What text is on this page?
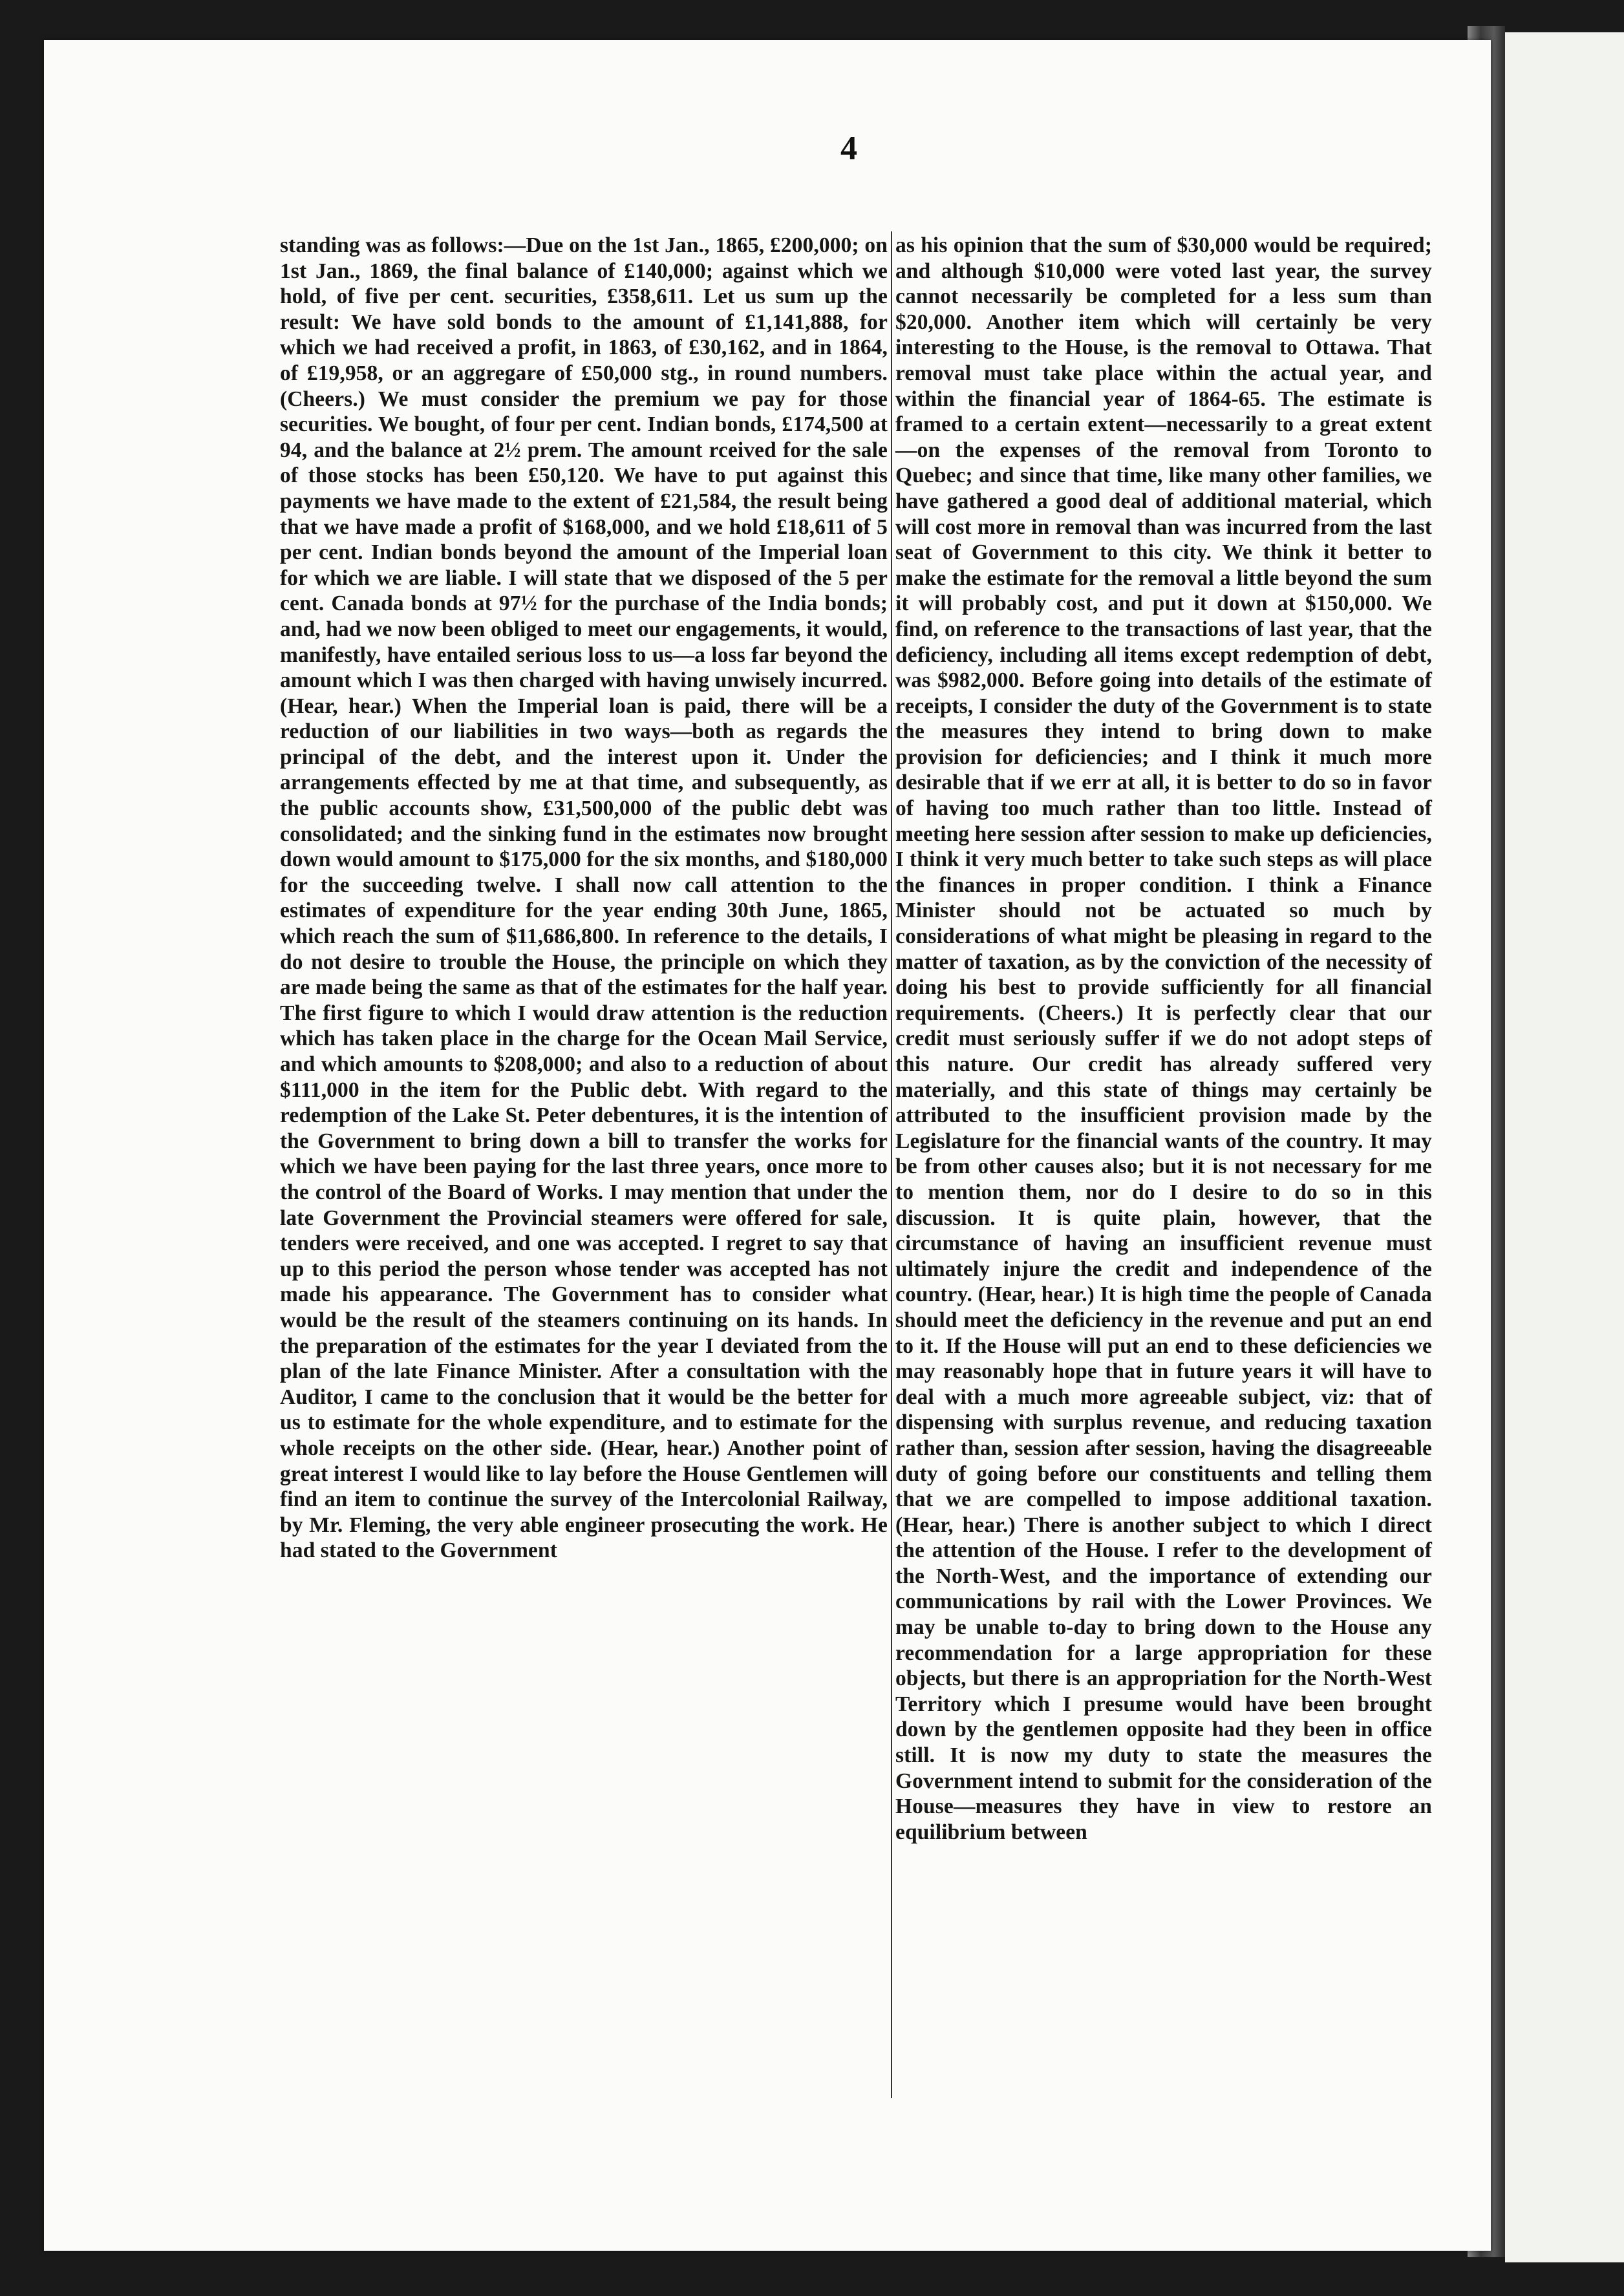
4
standing was as follows:—Due on the 1st Jan., 1865, £200,000; on 1st Jan., 1869, the final balance of £140,000; against which we hold, of five per cent. securities, £358,611. Let us sum up the result: We have sold bonds to the amount of £1,141,888, for which we had received a profit, in 1863, of £30,162, and in 1864, of £19,958, or an aggregare of £50,000 stg., in round numbers. (Cheers.) We must consider the premium we pay for those securities. We bought, of four per cent. Indian bonds, £174,500 at 94, and the balance at 2½ prem. The amount rceived for the sale of those stocks has been £50,120. We have to put against this payments we have made to the extent of £21,584, the result being that we have made a profit of $168,000, and we hold £18,611 of 5 per cent. Indian bonds beyond the amount of the Imperial loan for which we are liable. I will state that we disposed of the 5 per cent. Canada bonds at 97½ for the purchase of the India bonds; and, had we now been obliged to meet our engagements, it would, manifestly, have entailed serious loss to us—a loss far beyond the amount which I was then charged with having unwisely incurred. (Hear, hear.) When the Imperial loan is paid, there will be a reduction of our liabilities in two ways—both as regards the principal of the debt, and the interest upon it. Under the arrangements effected by me at that time, and subsequently, as the public accounts show, £31,500,000 of the public debt was consolidated; and the sinking fund in the estimates now brought down would amount to $175,000 for the six months, and $180,000 for the succeeding twelve. I shall now call attention to the estimates of expenditure for the year ending 30th June, 1865, which reach the sum of $11,686,800. In reference to the details, I do not desire to trouble the House, the principle on which they are made being the same as that of the estimates for the half year. The first figure to which I would draw attention is the reduction which has taken place in the charge for the Ocean Mail Service, and which amounts to $208,000; and also to a reduction of about $111,000 in the item for the Public debt. With regard to the redemption of the Lake St. Peter debentures, it is the intention of the Government to bring down a bill to transfer the works for which we have been paying for the last three years, once more to the control of the Board of Works. I may mention that under the late Government the Provincial steamers were offered for sale, tenders were received, and one was accepted. I regret to say that up to this period the person whose tender was accepted has not made his appearance. The Government has to consider what would be the result of the steamers continuing on its hands. In the preparation of the estimates for the year I deviated from the plan of the late Finance Minister. After a consultation with the Auditor, I came to the conclusion that it would be the better for us to estimate for the whole expenditure, and to estimate for the whole receipts on the other side. (Hear, hear.) Another point of great interest I would like to lay before the House Gentlemen will find an item to continue the survey of the Intercolonial Railway, by Mr. Fleming, the very able engineer prosecuting the work. He had stated to the Government
as his opinion that the sum of $30,000 would be required; and although $10,000 were voted last year, the survey cannot necessarily be completed for a less sum than $20,000. Another item which will certainly be very interesting to the House, is the removal to Ottawa. That removal must take place within the actual year, and within the financial year of 1864-65. The estimate is framed to a certain extent—necessarily to a great extent—on the expenses of the removal from Toronto to Quebec; and since that time, like many other families, we have gathered a good deal of additional material, which will cost more in removal than was incurred from the last seat of Government to this city. We think it better to make the estimate for the removal a little beyond the sum it will probably cost, and put it down at $150,000. We find, on reference to the transactions of last year, that the deficiency, including all items except redemption of debt, was $982,000. Before going into details of the estimate of receipts, I consider the duty of the Government is to state the measures they intend to bring down to make provision for deficiencies; and I think it much more desirable that if we err at all, it is better to do so in favor of having too much rather than too little. Instead of meeting here session after session to make up deficiencies, I think it very much better to take such steps as will place the finances in proper condition. I think a Finance Minister should not be actuated so much by considerations of what might be pleasing in regard to the matter of taxation, as by the conviction of the necessity of doing his best to provide sufficiently for all financial requirements. (Cheers.) It is perfectly clear that our credit must seriously suffer if we do not adopt steps of this nature. Our credit has already suffered very materially, and this state of things may certainly be attributed to the insufficient provision made by the Legislature for the financial wants of the country. It may be from other causes also; but it is not necessary for me to mention them, nor do I desire to do so in this discussion. It is quite plain, however, that the circumstance of having an insufficient revenue must ultimately injure the credit and independence of the country. (Hear, hear.) It is high time the people of Canada should meet the deficiency in the revenue and put an end to it. If the House will put an end to these deficiencies we may reasonably hope that in future years it will have to deal with a much more agreeable subject, viz: that of dispensing with surplus revenue, and reducing taxation rather than, session after session, having the disagreeable duty of going before our constituents and telling them that we are compelled to impose additional taxation. (Hear, hear.) There is another subject to which I direct the attention of the House. I refer to the development of the North-West, and the importance of extending our communications by rail with the Lower Provinces. We may be unable to-day to bring down to the House any recommendation for a large appropriation for these objects, but there is an appropriation for the North-West Territory which I presume would have been brought down by the gentlemen opposite had they been in office still. It is now my duty to state the measures the Government intend to submit for the consideration of the House—measures they have in view to restore an equilibrium between
